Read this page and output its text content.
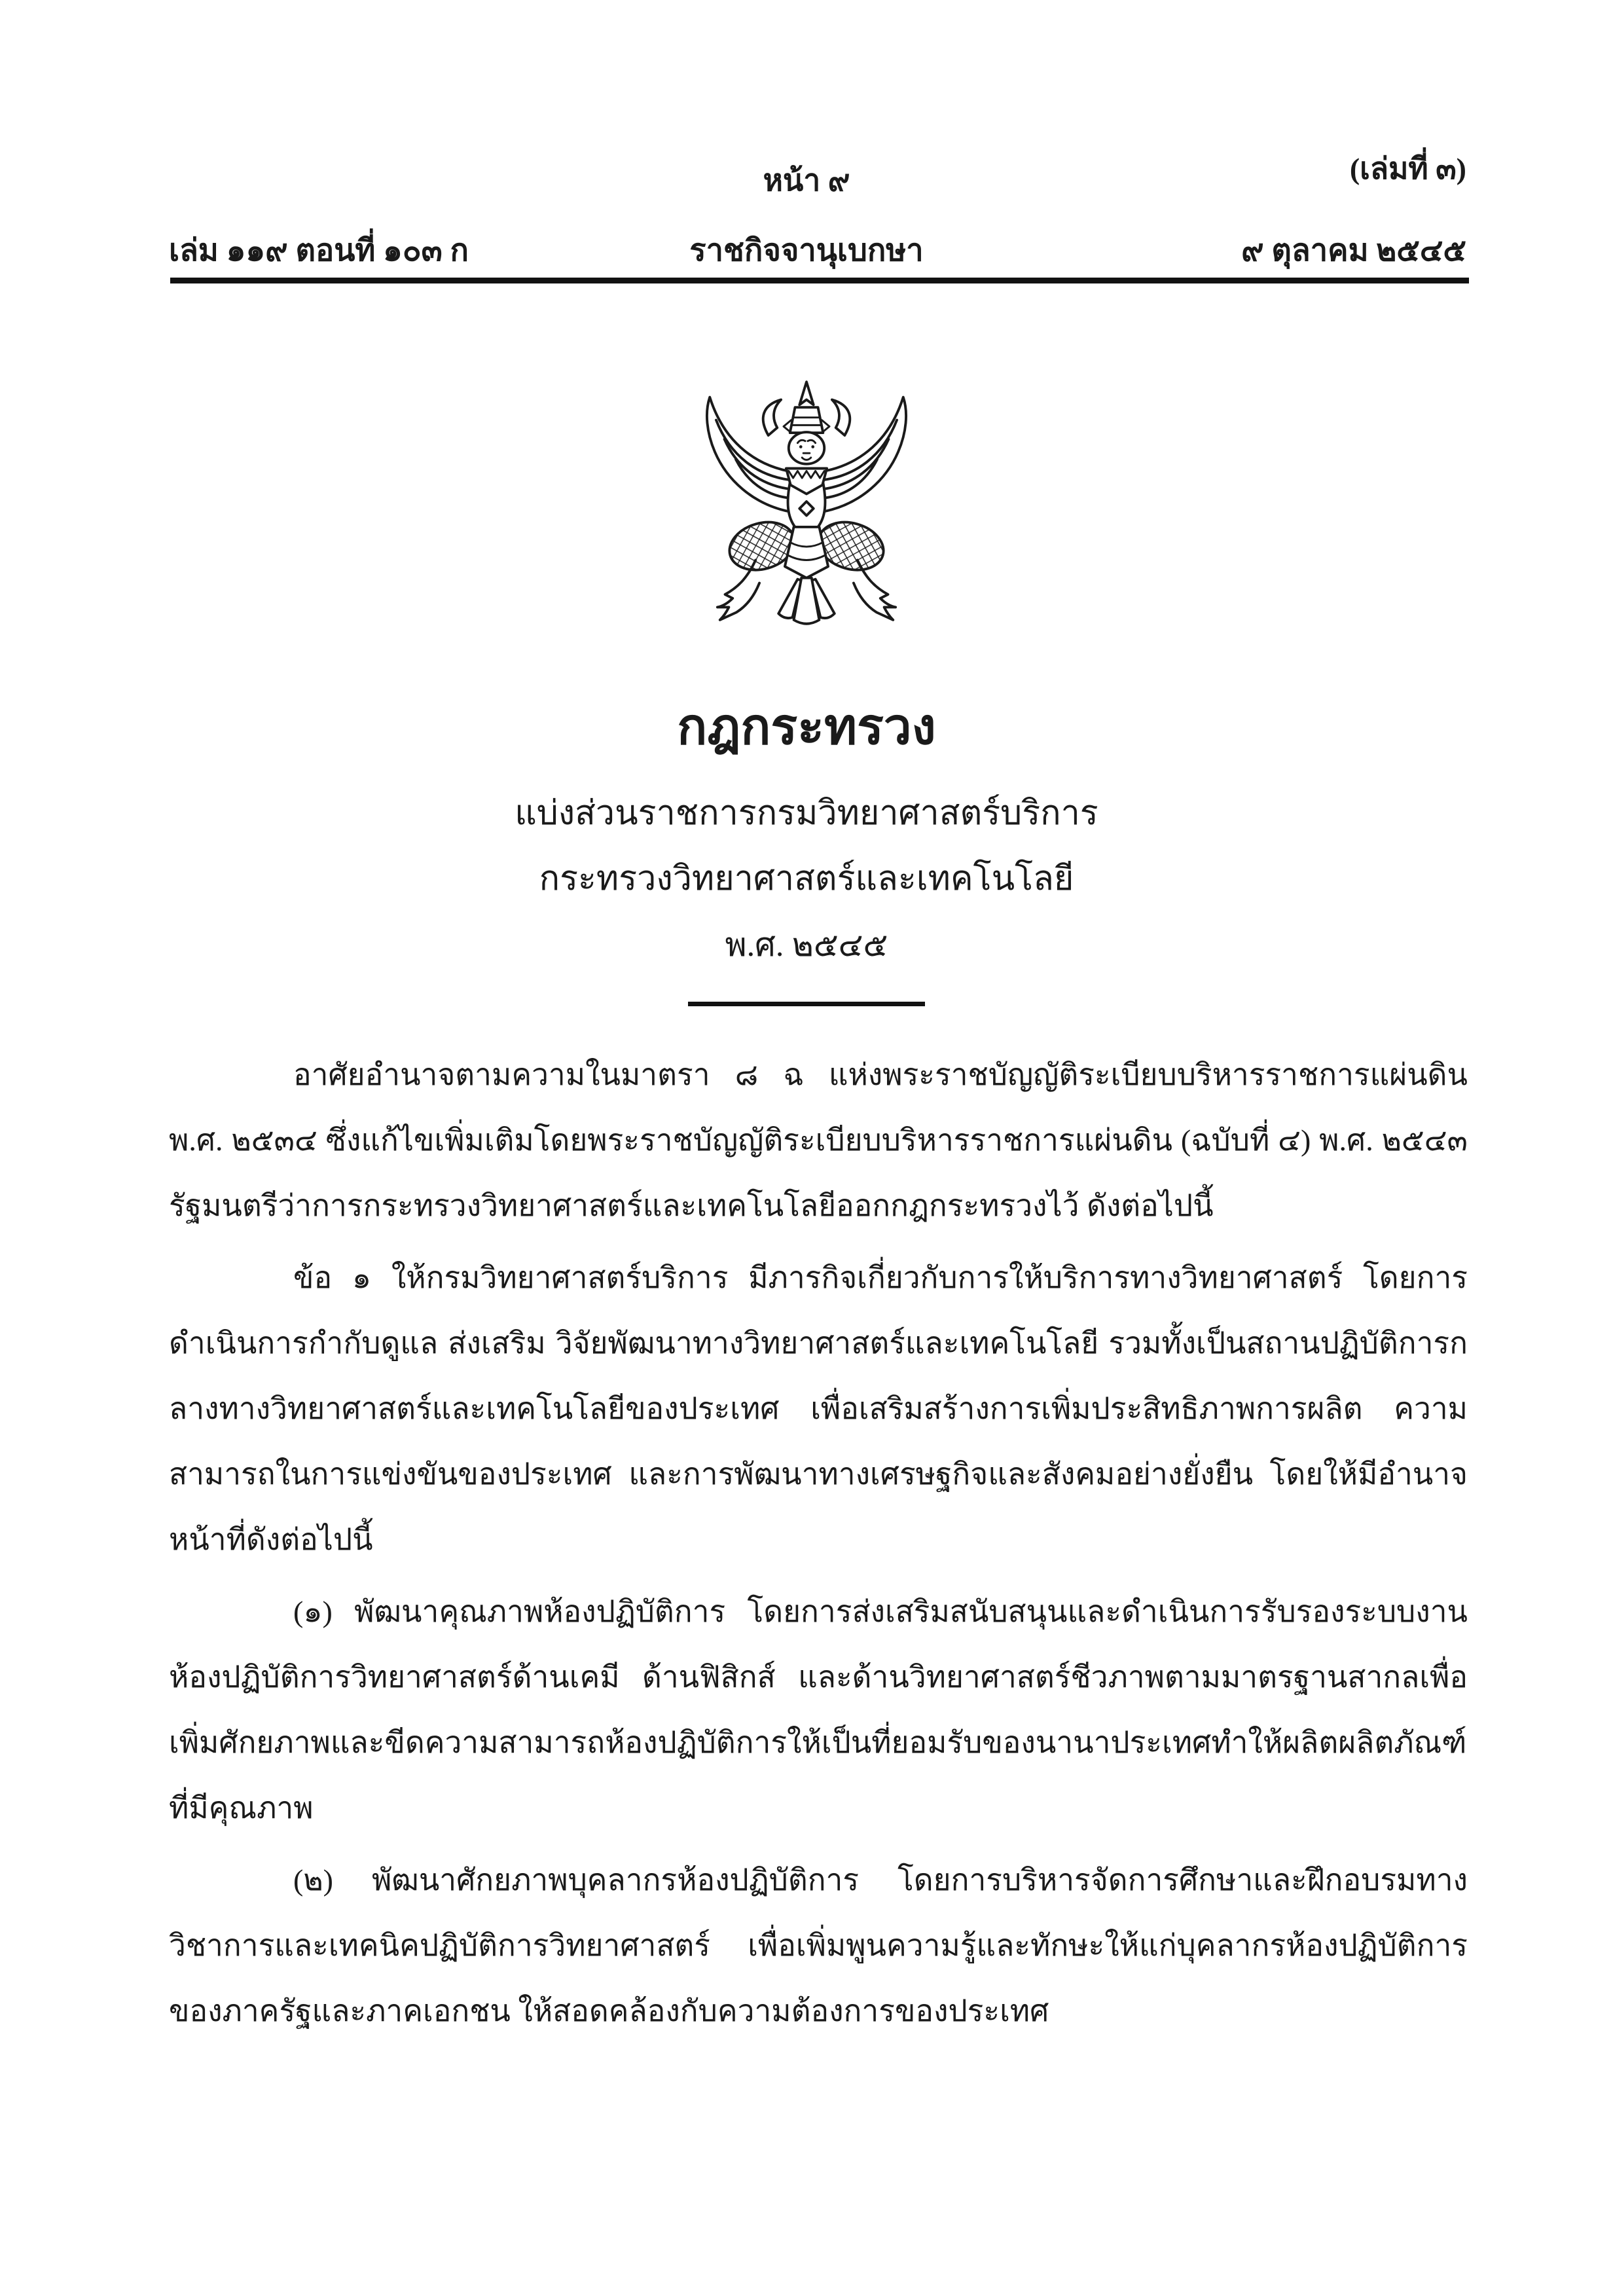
หน้า ๙	(เล่มที่ ๓)
เล่ม ๑๑๙ ตอนที่ ๑๐๓ ก	ราชกิจจานุเบกษา	๙ ตุลาคม ๒๕๔๕
กฎกระทรวง
แบ่งส่วนราชการกรมวิทยาศาสตร์บริการ
กระทรวงวิทยาศาสตร์และเทคโนโลยี
พ.ศ. ๒๕๔๕

อาศัยอำนาจตามความในมาตรา ๘ ฉ แห่งพระราชบัญญัติระเบียบบริหารราชการแผ่นดิน พ.ศ. ๒๕๓๔ ซึ่งแก้ไขเพิ่มเติมโดยพระราชบัญญัติระเบียบบริหารราชการแผ่นดิน (ฉบับที่ ๔) พ.ศ. ๒๕๔๓ รัฐมนตรีว่าการกระทรวงวิทยาศาสตร์และเทคโนโลยีออกกฎกระทรวงไว้ ดังต่อไปนี้

ข้อ ๑ ให้กรมวิทยาศาสตร์บริการ มีภารกิจเกี่ยวกับการให้บริการทางวิทยาศาสตร์ โดยการดำเนินการกำกับดูแล ส่งเสริม วิจัยพัฒนาทางวิทยาศาสตร์และเทคโนโลยี รวมทั้งเป็นสถานปฏิบัติการกลางทางวิทยาศาสตร์และเทคโนโลยีของประเทศ เพื่อเสริมสร้างการเพิ่มประสิทธิภาพการผลิต ความสามารถในการแข่งขันของประเทศ และการพัฒนาทางเศรษฐกิจและสังคมอย่างยั่งยืน โดยให้มีอำนาจหน้าที่ดังต่อไปนี้

(๑) พัฒนาคุณภาพห้องปฏิบัติการ โดยการส่งเสริมสนับสนุนและดำเนินการรับรองระบบงานห้องปฏิบัติการวิทยาศาสตร์ด้านเคมี ด้านฟิสิกส์ และด้านวิทยาศาสตร์ชีวภาพตามมาตรฐานสากลเพื่อเพิ่มศักยภาพและขีดความสามารถห้องปฏิบัติการให้เป็นที่ยอมรับของนานาประเทศทำให้ผลิตผลิตภัณฑ์ที่มีคุณภาพ

(๒) พัฒนาศักยภาพบุคลากรห้องปฏิบัติการ โดยการบริหารจัดการศึกษาและฝึกอบรมทางวิชาการและเทคนิคปฏิบัติการวิทยาศาสตร์ เพื่อเพิ่มพูนความรู้และทักษะให้แก่บุคลากรห้องปฏิบัติการของภาครัฐและภาคเอกชน ให้สอดคล้องกับความต้องการของประเทศ
